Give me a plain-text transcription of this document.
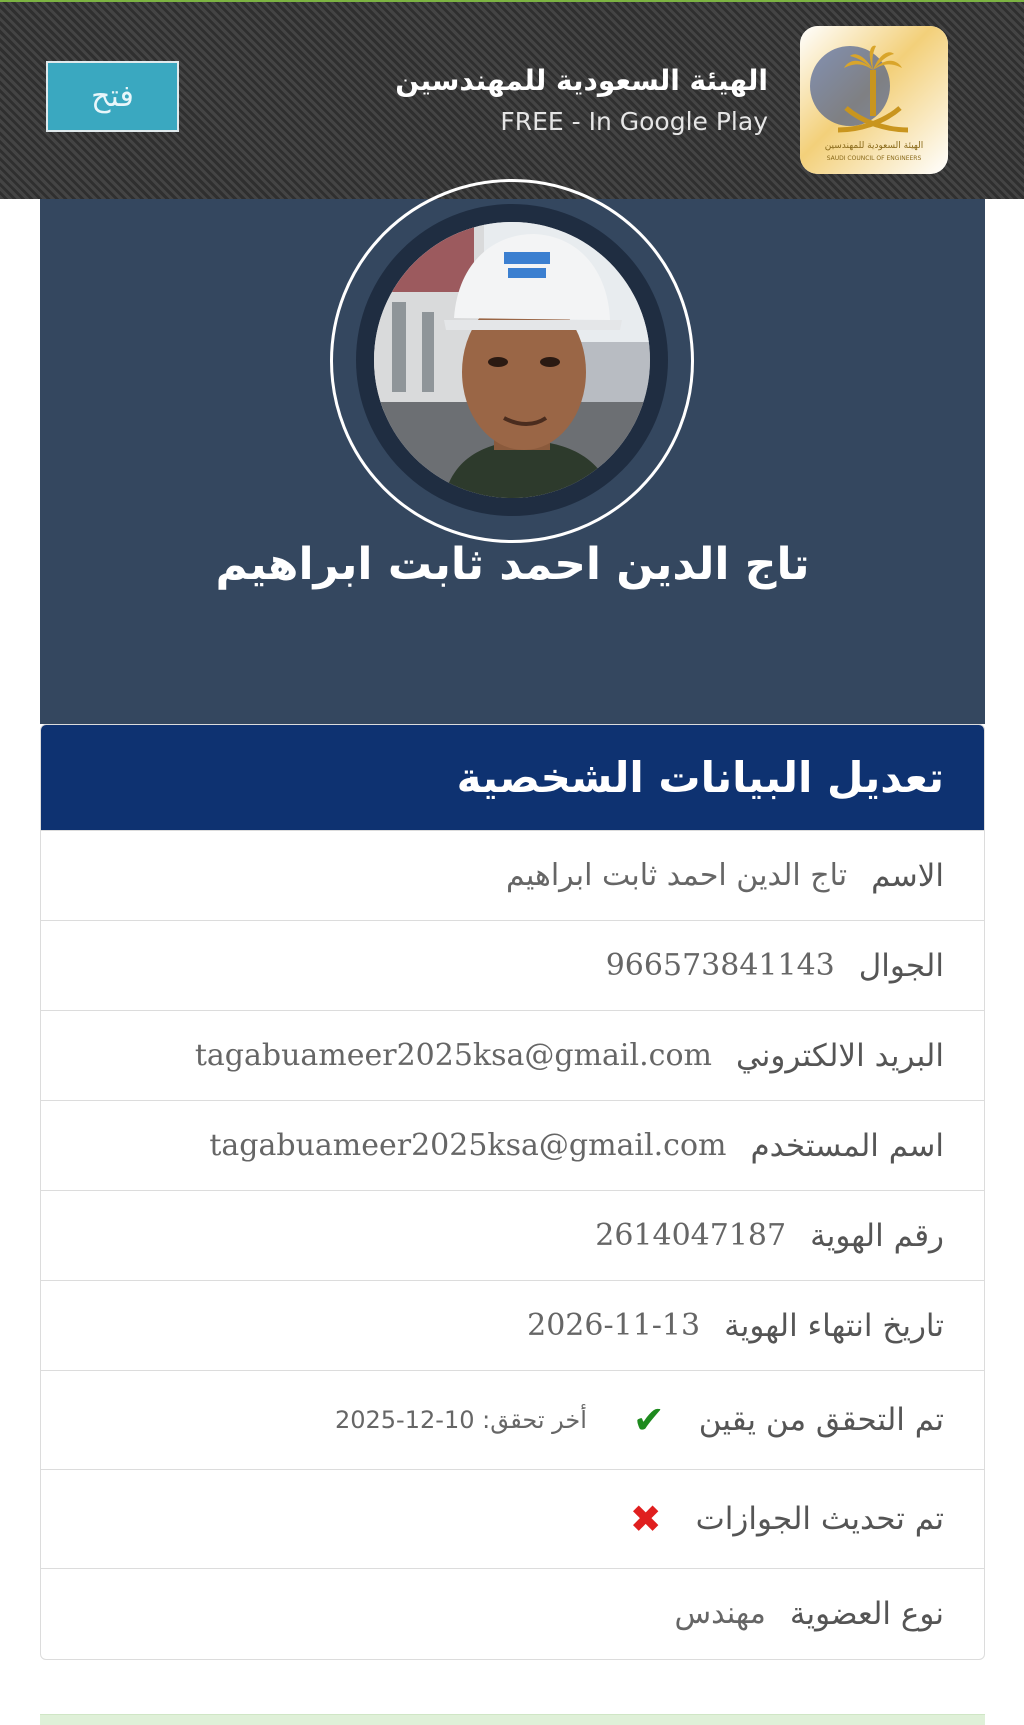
فتح	الهيئة السعودية للمهندسين
FREE - In Google Play
الهيئة السعودية للمهندسين
SAUDI COUNCIL OF ENGINEERS
تاج الدين احمد ثابت ابراهيم
تعديل البيانات الشخصية
الاسم
تاج الدين احمد ثابت ابراهيم
الجوال
966573841143
البريد الالكتروني
tagabuameer2025ksa@gmail.com
اسم المستخدم
tagabuameer2025ksa@gmail.com
رقم الهوية
2614047187
تاريخ انتهاء الهوية
2026-11-13
تم التحقق من يقين
✔
أخر تحقق: 10-12-2025
تم تحديث الجوازات
✖
نوع العضوية
مهندس
